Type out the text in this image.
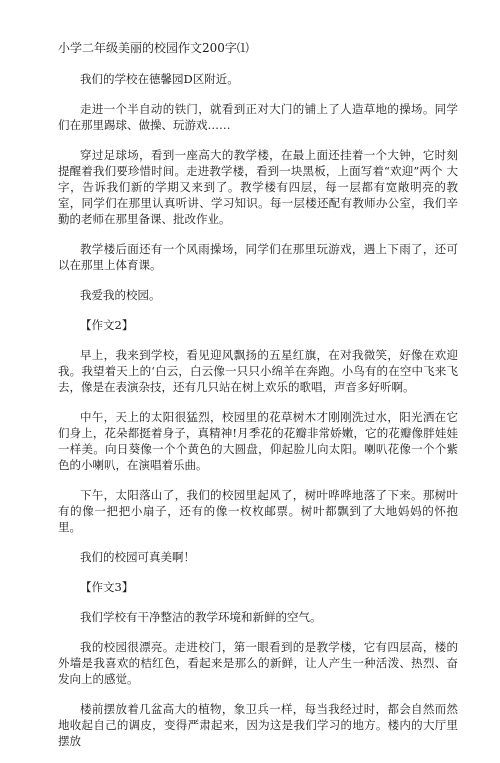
小学二年级美丽的校园作文200字⑴

我们的学校在德馨园D区附近。

走进一个半自动的铁门，就看到正对大门的铺上了人造草地的操场。同学 们在那里踢球、做操、玩游戏……

穿过足球场，看到一座高大的教学楼，在最上面还挂着一个大钟，它时刻 提醒着我们要珍惜时间。走进教学楼，看到一块黑板，上面写着“欢迎”两个 大字，告诉我们新的学期又来到了。教学楼有四层，每一层都有宽敞明亮的教 室，同学们在那里认真听讲、学习知识。每一层楼还配有教师办公室，我们辛 勤的老师在那里备课、批改作业。

教学楼后面还有一个风雨操场，同学们在那里玩游戏，遇上下雨了，还可 以在那里上体育课。

我爱我的校园。

【作文2】

早上，我来到学校，看见迎风飘扬的五星红旗，在对我微笑，好像在欢迎 我。我望着天上的‘白云，白云像一只只小绵羊在奔跑。小鸟有的在空中飞来飞 去，像是在表演杂技，还有几只站在树上欢乐的歌唱，声音多好听啊。

中午，天上的太阳很猛烈，校园里的花草树木才刚刚洗过水，阳光洒在它 们身上，花朵都挺着身子，真精神!月季花的花瓣非常娇嫩，它的花瓣像胖娃娃 一样美。向日葵像一个个黄色的大圆盘，仰起脸儿向太阳。喇叭花像一个个紫 色的小喇叭，在演唱着乐曲。

下午，太阳落山了，我们的校园里起风了，树叶哗哗地落了下来。那树叶 有的像一把把小扇子，还有的像一枚枚邮票。树叶都飘到了大地妈妈的怀抱 里。

我们的校园可真美啊！

【作文3】

我们学校有干净整洁的教学环境和新鲜的空气。

我的校园很漂亮。走进校门，第一眼看到的是教学楼，它有四层高，楼的 外墙是我喜欢的桔红色，看起来是那么的新鲜，让人产生一种活泼、热烈、奋 发向上的感觉。

楼前摆放着几盆高大的植物，象卫兵一样，每当我经过时，都会自然而然 地收起自己的调皮，变得严肃起来，因为这是我们学习的地方。楼内的大厅里 摆放
